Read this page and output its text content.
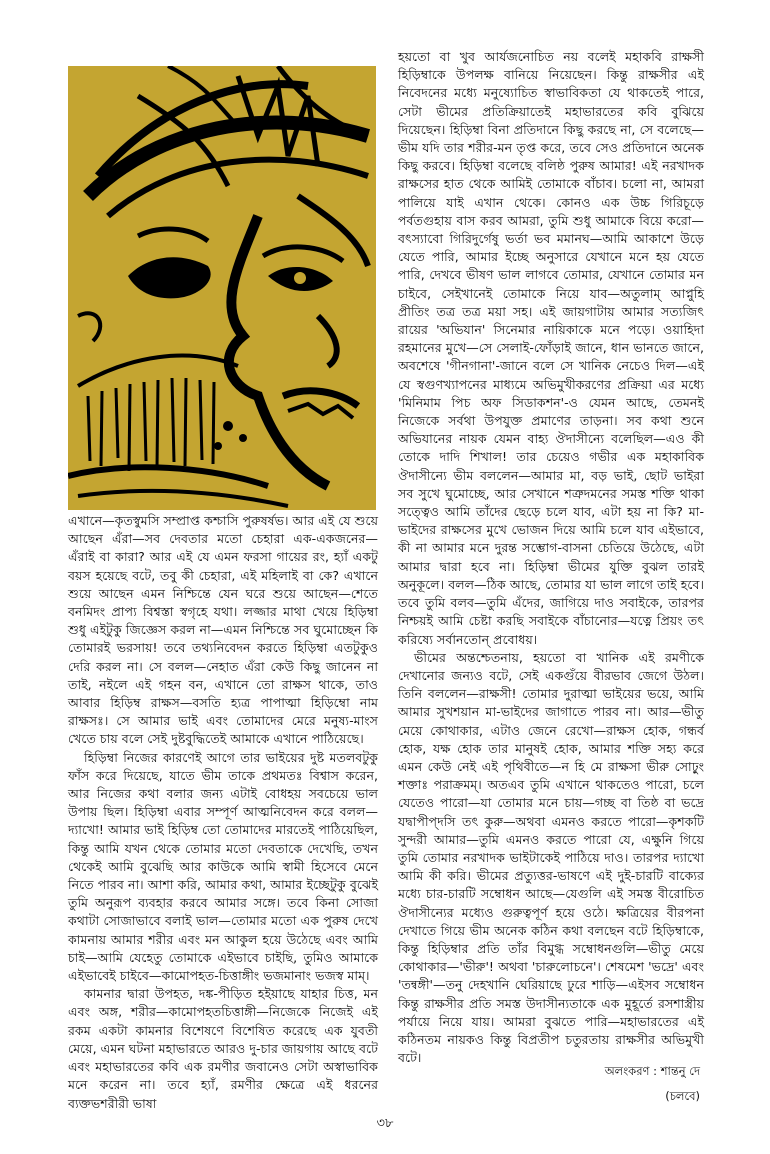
এখানে—কৃতস্বুমসি সম্প্রাপ্ত কশ্চাসি পুরুষর্ষভ। আর এই যে শুয়ে আছেন এঁরা—সব দেবতার মতো চেহারা এক-একজনের—এঁরাই বা কারা? আর এই যে এমন ফরসা গায়ের রং, হ্যাঁ একটু বয়স হয়েছে বটে, তবু কী চেহারা, এই মহিলাই বা কে? এখানে শুয়ে আছেন এমন নিশ্চিন্তে যেন ঘরে শুয়ে আছেন—শেতে বনমিদং প্রাপ্য বিশ্বস্তা স্বগৃহে যথা। লজ্জার মাথা খেয়ে হিড়িম্বা শুধু এইটুকু জিজ্ঞেস করল না—এমন নিশ্চিন্তে সব ঘুমোচ্ছেন কি তোমারই ভরসায়! তবে তথ্যনিবেদন করতে হিড়িম্বা এতটুকুও দেরি করল না। সে বলল—নেহাত এঁরা কেউ কিছু জানেন না তাই, নইলে এই গহন বন, এখানে তো রাক্ষস থাকে, তাও আবার হিড়িম্ব রাক্ষস—বসতি হ্যত্র পাপাত্মা হিড়িম্বো নাম রাক্ষসঃ। সে আমার ভাই এবং তোমাদের মেরে মনুষ্য-মাংস খেতে চায় বলে সেই দুষ্টবুদ্ধিতেই আমাকে এখানে পাঠিয়েছে।

হিড়িম্বা নিজের কারণেই আগে তার ভাইয়ের দুষ্ট মতলবটুকু ফাঁস করে দিয়েছে, যাতে ভীম তাকে প্রথমতঃ বিশ্বাস করেন, আর নিজের কথা বলার জন্য এটাই বোধহয় সবচেয়ে ভাল উপায় ছিল। হিড়িম্বা এবার সম্পূর্ণ আত্মনিবেদন করে বলল—দ্যাখো! আমার ভাই হিড়িম্ব তো তোমাদের মারতেই পাঠিয়েছিল, কিন্তু আমি যখন থেকে তোমার মতো দেবতাকে দেখেছি, তখন থেকেই আমি বুঝেছি আর কাউকে আমি স্বামী হিসেবে মেনে নিতে পারব না। আশা করি, আমার কথা, আমার ইচ্ছেটুকু বুঝেই তুমি অনুরূপ ব্যবহার করবে আমার সঙ্গে। তবে কিনা সোজা কথাটা সোজাভাবে বলাই ভাল—তোমার মতো এক পুরুষ দেখে কামনায় আমার শরীর এবং মন আকুল হয়ে উঠেছে এবং আমি চাই—আমি যেহেতু তোমাকে এইভাবে চাইছি, তুমিও আমাকে এইভাবেই চাইবে—কামোপহত-চিত্তাঙ্গীং ভজমানাং ভজস্ব মাম্।

কামনার দ্বারা উপহত, দঙ্ক-পীড়িত হইয়াছে যাহার চিত্ত, মন এবং অঙ্গ, শরীর—কামোপহতচিত্তাঙ্গী—নিজেকে নিজেই এই রকম একটা কামনার বিশেষণে বিশেষিত করেছে এক যুবতী মেয়ে, এমন ঘটনা মহাভারতে আরও দু-চার জায়গায় আছে বটে এবং মহাভারতের কবি এক রমণীর জবানেও সেটা অস্বাভাবিক মনে করেন না। তবে হ্যাঁ, রমণীর ক্ষেত্রে এই ধরনের ব্যক্তভশরীরী ভাষা

হয়তো বা খুব আর্যজনোচিত নয় বলেই মহাকবি রাক্ষসী হিড়িম্বাকে উপলক্ষ বানিয়ে নিয়েছেন। কিন্তু রাক্ষসীর এই নিবেদনের মধ্যে মনুষ্যোচিত স্বাভাবিকতা যে থাকতেই পারে, সেটা ভীমের প্রতিক্রিয়াতেই মহাভারতের কবি বুঝিয়ে দিয়েছেন। হিড়িম্বা বিনা প্রতিদানে কিছু করছে না, সে বলেছে—ভীম যদি তার শরীর-মন তৃপ্ত করে, তবে সেও প্রতিদানে অনেক কিছু করবে। হিড়িম্বা বলেছে বলিষ্ঠ পুরুষ আমার! এই নরখাদক রাক্ষসের হাত থেকে আমিই তোমাকে বাঁচাব। চলো না, আমরা পালিয়ে যাই এখান থেকে। কোনও এক উচ্চ গিরিচূড়ে পর্বতগুহায় বাস করব আমরা, তুমি শুধু আমাকে বিয়ে করো—বৎস্যাবো গিরিদুর্গেষু ভর্তা ভব মমানঘ—আমি আকাশে উড়ে যেতে পারি, আমার ইচ্ছে অনুসারে যেখানে মনে হয় যেতে পারি, দেখবে ভীষণ ভাল লাগবে তোমার, যেখানে তোমার মন চাইবে, সেইখানেই তোমাকে নিয়ে যাব—অতুলাম্ আপ্নুহি প্রীতিং তত্র তত্র ময়া সহ। এই জায়গাটায় আমার সত্যজিৎ রায়ের 'অভিযান' সিনেমার নায়িকাকে মনে পড়ে। ওয়াহিদা রহমানের মুখে—সে সেলাই-ফোঁড়াই জানে, ধান ভানতে জানে, অবশেষে 'গীনগানা'-জানে বলে সে খানিক নেচেও দিল—এই যে স্বগুণখ্যাপনের মাধ্যমে অভিমুখীকরণের প্রক্রিয়া এর মধ্যে 'মিনিমাম পিচ অফ সিডাকশন'-ও যেমন আছে, তেমনই নিজেকে সর্বথা উপযুক্ত প্রমাণের তাড়না। সব কথা শুনে অভিযানের নায়ক যেমন বাহ্য ঔদাসীন্যে বলেছিল—এও কী তোকে দাদি শিখাল! তার চেয়েও গভীর এক মহাকাবিক ঔদাসীন্যে ভীম বললেন—আমার মা, বড় ভাই, ছোট ভাইরা সব সুখে ঘুমোচ্ছে, আর সেখানে শত্রুদমনের সমস্ত শক্তি থাকা সত্ত্বেও আমি তাঁদের ছেড়ে চলে যাব, এটা হয় না কি? মা-ভাইদের রাক্ষসের মুখে ভোজন দিয়ে আমি চলে যাব এইভাবে, কী না আমার মনে দুরন্ত সম্ভোগ-বাসনা চেতিয়ে উঠেছে, এটা আমার দ্বারা হবে না। হিড়িম্বা ভীমের যুক্তি বুঝল তারই অনুকূলে। বলল—ঠিক আছে, তোমার যা ভাল লাগে তাই হবে। তবে তুমি বলব—তুমি এঁদের, জাগিয়ে দাও সবাইকে, তারপর নিশ্চয়ই আমি চেষ্টা করছি সবাইকে বাঁচানোর—যত্নে প্রিয়ং তৎ করিষ্যে সর্বানতোন্ প্রবোধয়।

ভীমের অন্তশ্চেতনায়, হয়তো বা খানিক এই রমণীকে দেখানোর জন্যও বটে, সেই একগুঁয়ে বীরভাব জেগে উঠল। তিনি বললেন—রাক্ষসী! তোমার দুরাত্মা ভাইয়ের ভয়ে, আমি আমার সুখশয়ান মা-ভাইদের জাগাতে পারব না। আর—ভীতু মেয়ে কোথাকার, এটাও জেনে রেখো—রাক্ষস হোক, গন্ধর্ব হোক, যক্ষ হোক তার মানুষই হোক, আমার শক্তি সহ্য করে এমন কেউ নেই এই পৃথিবীতে—ন হি মে রাক্ষসা ভীরু সোঢ়ুং শক্তাঃ পরাক্রমম্। অতএব তুমি এখানে থাকতেও পারো, চলে যেতেও পারো—যা তোমার মনে চায়—গচ্ছ বা তিষ্ঠ বা ভদ্রে যদ্বাপীপ্দসি তৎ কুরু—অথবা এমনও করতে পারো—কৃশকটি সুন্দরী আমার—তুমি এমনও করতে পারো যে, এক্ষুনি গিয়ে তুমি তোমার নরখাদক ভাইটাকেই পাঠিয়ে দাও। তারপর দ্যাখো আমি কী করি। ভীমের প্রত্যুত্তর-ভাষণে এই দুই-চারটি বাক্যের মধ্যে চার-চারটি সম্বোধন আছে—যেগুলি এই সমস্ত বীরোচিত ঔদাসীন্যের মধ্যেও গুরুত্বপূর্ণ হয়ে ওঠে। ক্ষত্রিয়ের বীরপনা দেখাতে গিয়ে ভীম অনেক কঠিন কথা বলছেন বটে হিড়িম্বাকে, কিন্তু হিড়িম্বার প্রতি তাঁর বিমুগ্ধ সম্বোধনগুলি—ভীতু মেয়ে কোথাকার—'ভীরু'! অথবা 'চারুলোচনে'। শেষমেশ 'ভদ্রে' এবং 'তন্বঙ্গী'—তনু দেহখানি ঘেরিয়াছে ঢুরে শাড়ি—এইসব সম্বোধন কিন্তু রাক্ষসীর প্রতি সমস্ত উদাসীন্যতাকে এক মুহূর্তে রসশাস্ত্রীয় পর্যায়ে নিয়ে যায়। আমরা বুঝতে পারি—মহাভারতের এই কঠিনতম নায়কও কিন্তু বিপ্রতীপ চতুরতায় রাক্ষসীর অভিমুখী বটে।

অলংকরণ : শান্তনু দে
(চলবে)
৩৮
